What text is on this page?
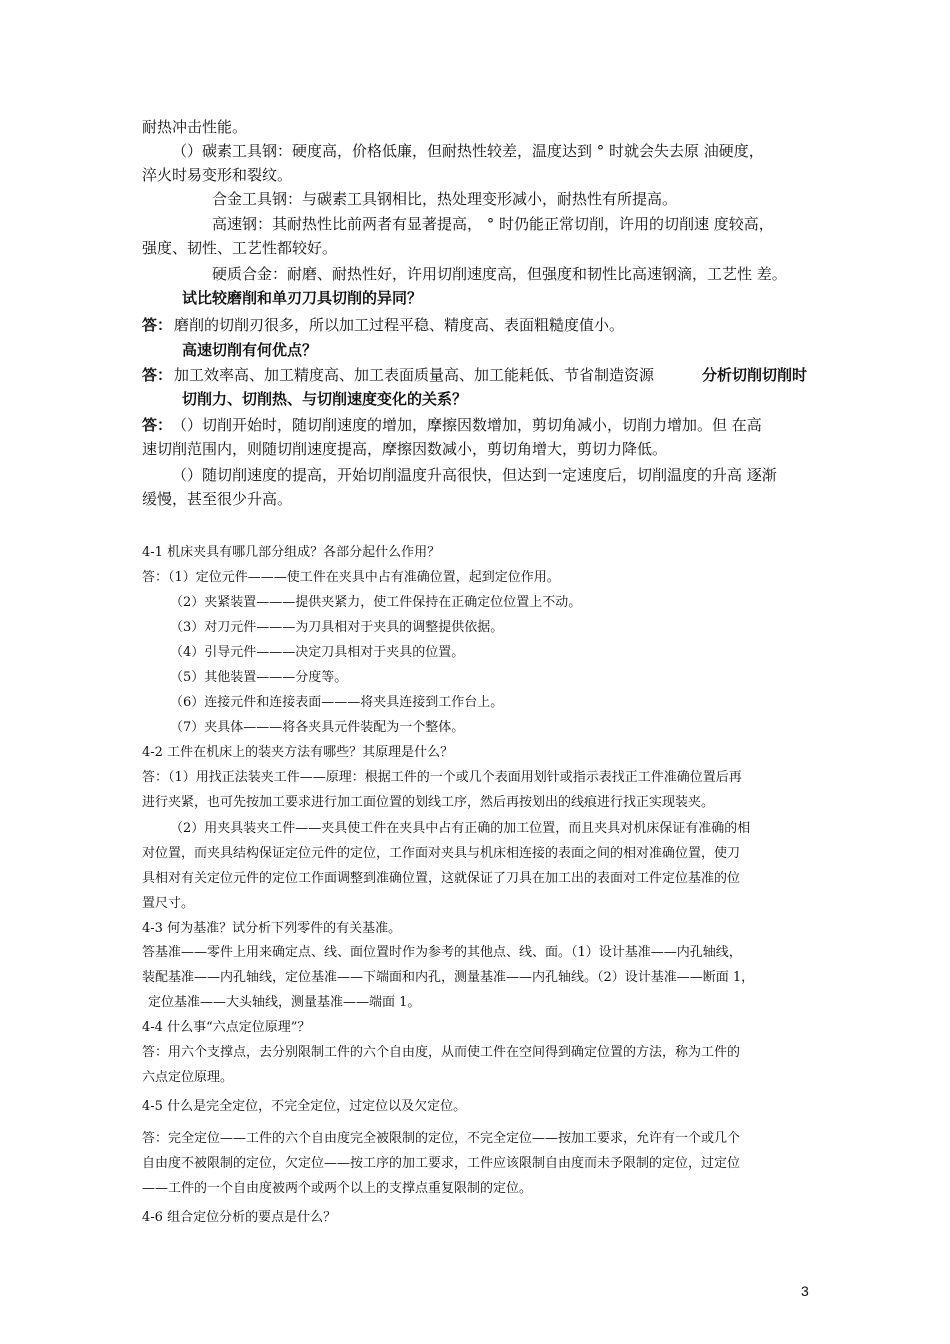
耐热冲击性能。
（）碳素工具钢：硬度高，价格低廉，但耐热性较差，温度达到 ° 时就会失去原 油硬度，
淬火时易变形和裂纹。
合金工具钢：与碳素工具钢相比，热处理变形减小，耐热性有所提高。
高速钢：其耐热性比前两者有显著提高， ° 时仍能正常切削，许用的切削速 度较高，
强度、韧性、工艺性都较好。
硬质合金：耐磨、耐热性好，许用切削速度高，但强度和韧性比高速钢滴，工艺性 差。
试比较磨削和单刃刀具切削的异同？
答： 磨削的切削刃很多，所以加工过程平稳、精度高、表面粗糙度值小。
高速切削有何优点？
答： 加工效率高、加工精度高、加工表面质量高、加工能耗低、节省制造资源	分析切削切削时
切削力、切削热、与切削速度变化的关系？
答： （）切削开始时，随切削速度的增加，摩擦因数增加，剪切角减小，切削力增加。但 在高
速切削范围内，则随切削速度提高，摩擦因数减小，剪切角增大，剪切力降低。
（）随切削速度的提高，开始切削温度升高很快，但达到一定速度后，切削温度的升高 逐渐
缓慢，甚至很少升高。
4-1 机床夹具有哪几部分组成？各部分起什么作用？
答：（1）定位元件———使工件在夹具中占有准确位置，起到定位作用。
（2）夹紧装置———提供夹紧力，使工件保持在正确定位位置上不动。
（3）对刀元件———为刀具相对于夹具的调整提供依据。
（4）引导元件———决定刀具相对于夹具的位置。
（5）其他装置———分度等。
（6）连接元件和连接表面———将夹具连接到工作台上。
（7）夹具体———将各夹具元件装配为一个整体。
4-2 工件在机床上的装夹方法有哪些？其原理是什么？
答：（1）用找正法装夹工件——原理：根据工件的一个或几个表面用划针或指示表找正工件准确位置后再
进行夹紧，也可先按加工要求进行加工面位置的划线工序，然后再按划出的线痕进行找正实现装夹。
（2）用夹具装夹工件——夹具使工件在夹具中占有正确的加工位置，而且夹具对机床保证有准确的相
对位置，而夹具结构保证定位元件的定位，工作面对夹具与机床相连接的表面之间的相对准确位置，使刀
具相对有关定位元件的定位工作面调整到准确位置，这就保证了刀具在加工出的表面对工件定位基准的位
置尺寸。
4-3 何为基准？试分析下列零件的有关基准。
答基准——零件上用来确定点、线、面位置时作为参考的其他点、线、面。（1）设计基准——内孔轴线，
装配基准——内孔轴线，定位基准——下端面和内孔，测量基准——内孔轴线。（2）设计基准——断面 1，
定位基准——大头轴线，测量基准——端面 1。
4-4 什么事“六点定位原理”？
答：用六个支撑点，去分别限制工件的六个自由度，从而使工件在空间得到确定位置的方法，称为工件的
六点定位原理。
4-5 什么是完全定位，不完全定位，过定位以及欠定位。
答：完全定位——工件的六个自由度完全被限制的定位，不完全定位——按加工要求，允许有一个或几个
自由度不被限制的定位，欠定位——按工序的加工要求，工件应该限制自由度而未予限制的定位，过定位
——工件的一个自由度被两个或两个以上的支撑点重复限制的定位。
4-6 组合定位分析的要点是什么？
3
